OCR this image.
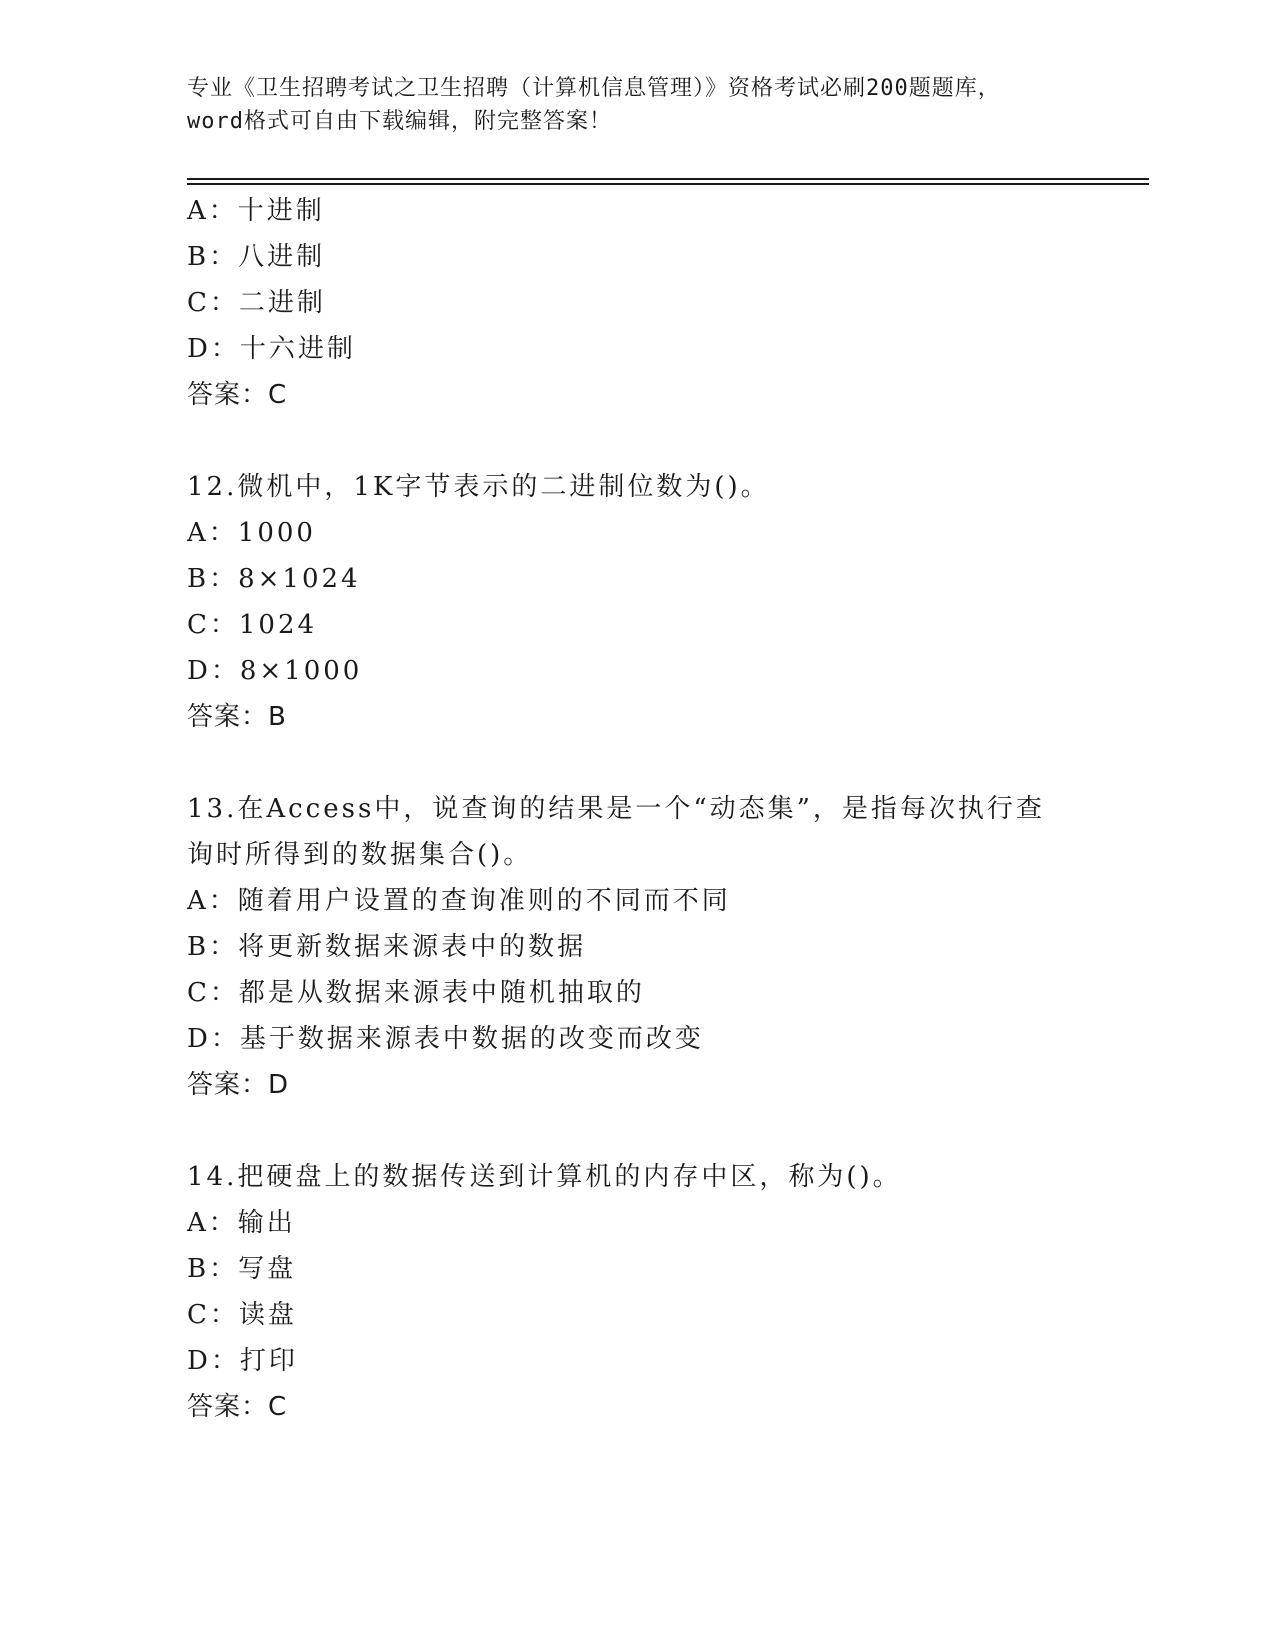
专业《卫生招聘考试之卫生招聘（计算机信息管理）》资格考试必刷200题题库，
word格式可自由下载编辑，附完整答案！
A：十进制
B：八进制
C：二进制
D：十六进制
答案：C
12.微机中，1K字节表示的二进制位数为()。
A：1000
B：8×1024
C：1024
D：8×1000
答案：B
13.在Access中，说查询的结果是一个“动态集”，是指每次执行查
询时所得到的数据集合()。
A：随着用户设置的查询准则的不同而不同
B：将更新数据来源表中的数据
C：都是从数据来源表中随机抽取的
D：基于数据来源表中数据的改变而改变
答案：D
14.把硬盘上的数据传送到计算机的内存中区，称为()。
A：输出
B：写盘
C：读盘
D：打印
答案：C
